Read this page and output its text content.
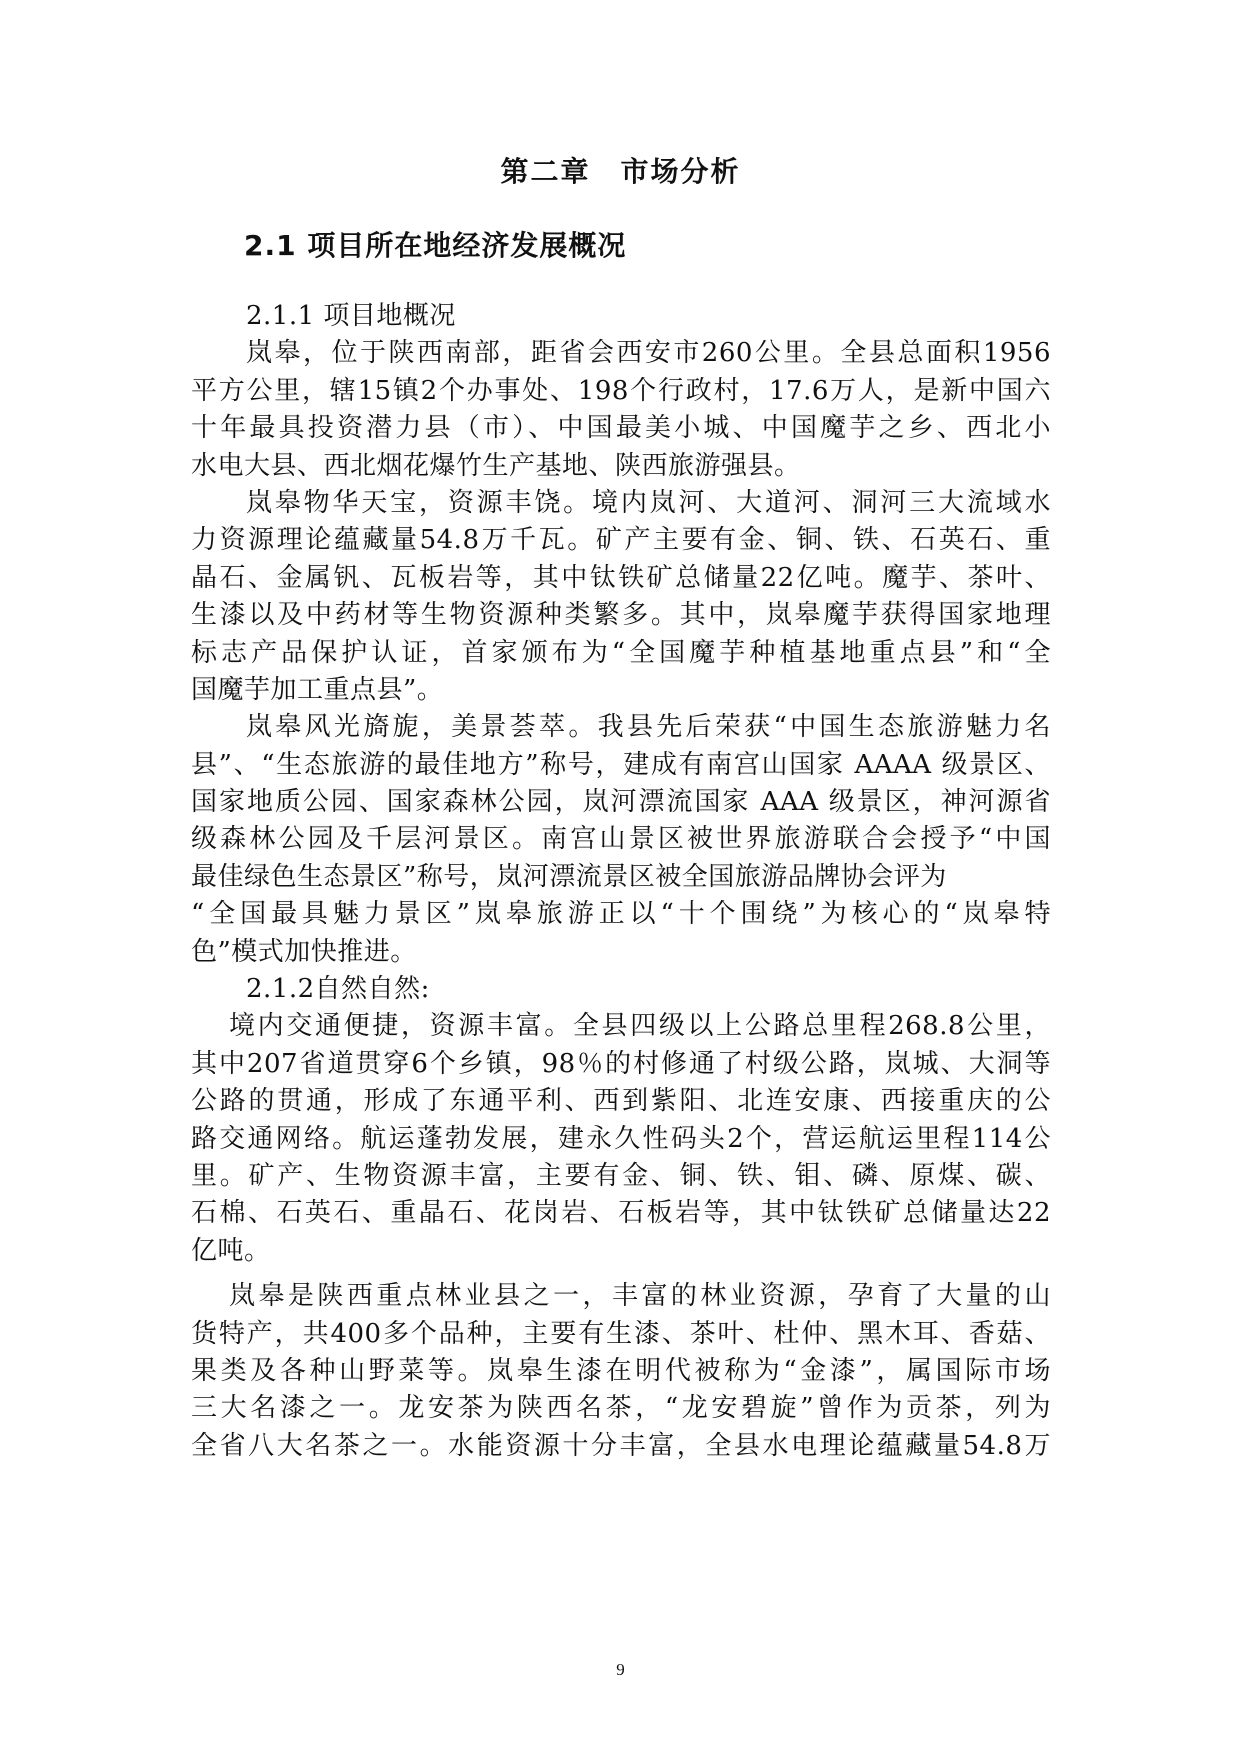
第二章 市场分析
2.1 项目所在地经济发展概况
2.1.1 项目地概况
岚皋，位于陕西南部，距省会西安市260公里。全县总面积1956
平方公里，辖15镇2个办事处、198个行政村，17.6万人，是新中国六
十年最具投资潜力县（市）、中国最美小城、中国魔芋之乡、西北小
水电大县、西北烟花爆竹生产基地、陕西旅游强县。
岚皋物华天宝，资源丰饶。境内岚河、大道河、洞河三大流域水
力资源理论蕴藏量54.8万千瓦。矿产主要有金、铜、铁、石英石、重
晶石、金属钒、瓦板岩等，其中钛铁矿总储量22亿吨。魔芋、茶叶、
生漆以及中药材等生物资源种类繁多。其中，岚皋魔芋获得国家地理
标志产品保护认证，首家颁布为“全国魔芋种植基地重点县”和“全
国魔芋加工重点县”。
岚皋风光旖旎，美景荟萃。我县先后荣获“中国生态旅游魅力名
县”、“生态旅游的最佳地方”称号，建成有南宫山国家 AAAA 级景区、
国家地质公园、国家森林公园，岚河漂流国家 AAA 级景区，神河源省
级森林公园及千层河景区。南宫山景区被世界旅游联合会授予“中国
最佳绿色生态景区”称号，岚河漂流景区被全国旅游品牌协会评为
“全国最具魅力景区”岚皋旅游正以“十个围绕”为核心的“岚皋特
色”模式加快推进。
2.1.2自然自然:
境内交通便捷，资源丰富。全县四级以上公路总里程268.8公里，
其中207省道贯穿6个乡镇，98％的村修通了村级公路，岚城、大洞等
公路的贯通，形成了东通平利、西到紫阳、北连安康、西接重庆的公
路交通网络。航运蓬勃发展，建永久性码头2个，营运航运里程114公
里。矿产、生物资源丰富，主要有金、铜、铁、钼、磷、原煤、碳、
石棉、石英石、重晶石、花岗岩、石板岩等，其中钛铁矿总储量达22
亿吨。
岚皋是陕西重点林业县之一，丰富的林业资源，孕育了大量的山
货特产，共400多个品种，主要有生漆、茶叶、杜仲、黑木耳、香菇、
果类及各种山野菜等。岚皋生漆在明代被称为“金漆”，属国际市场
三大名漆之一。龙安茶为陕西名茶，“龙安碧旋”曾作为贡茶，列为
全省八大名茶之一。水能资源十分丰富，全县水电理论蕴藏量54.8万
9
